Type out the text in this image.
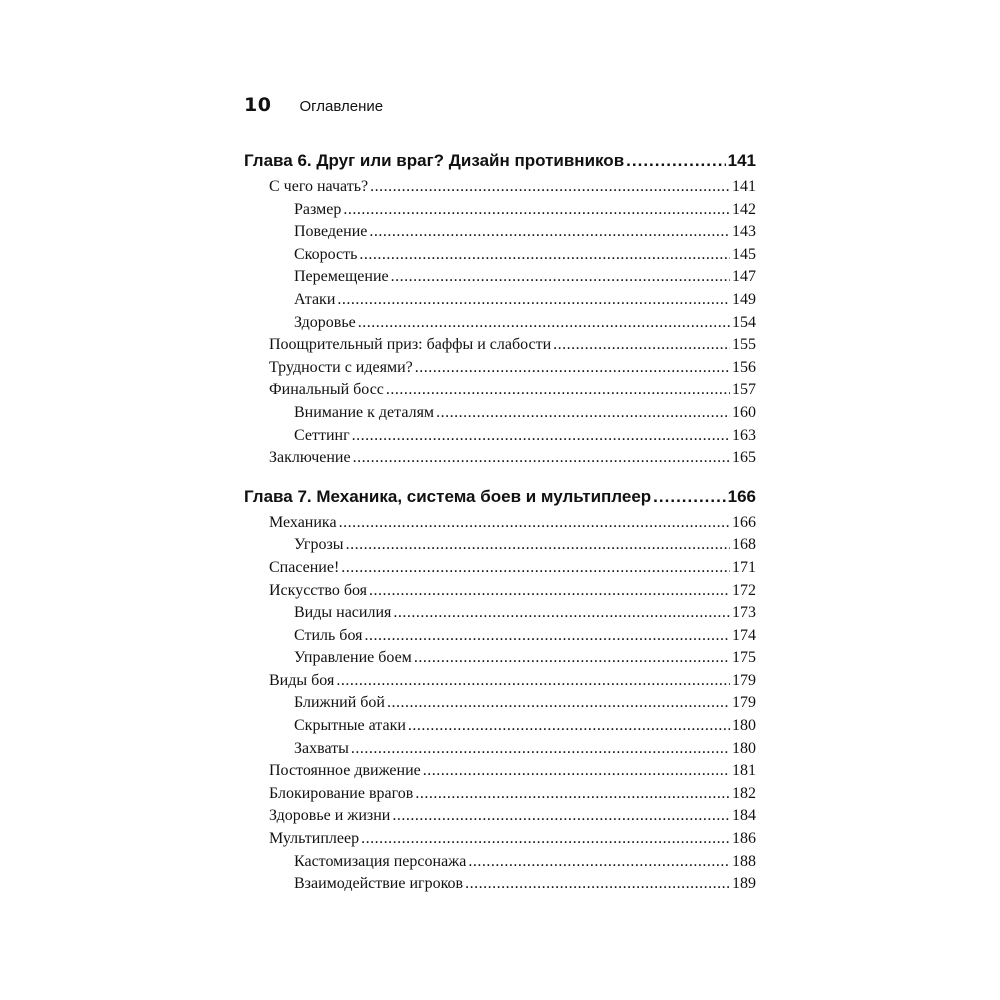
10 Оглавление
Глава 6. Друг или враг? Дизайн противников .....	141
С чего начать? .....	141
Размер .....	142
Поведение .....	143
Скорость .....	145
Перемещение .....	147
Атаки .....	149
Здоровье .....	154
Поощрительный приз: баффы и слабости .....	155
Трудности с идеями? .....	156
Финальный босс .....	157
Внимание к деталям .....	160
Сеттинг .....	163
Заключение .....	165
Глава 7. Механика, система боев и мультиплеер .....	166
Механика .....	166
Угрозы .....	168
Спасение! .....	171
Искусство боя .....	172
Виды насилия .....	173
Стиль боя .....	174
Управление боем .....	175
Виды боя .....	179
Ближний бой .....	179
Скрытные атаки .....	180
Захваты .....	180
Постоянное движение .....	181
Блокирование врагов .....	182
Здоровье и жизни .....	184
Мультиплеер .....	186
Кастомизация персонажа .....	188
Взаимодействие игроков .....	189
